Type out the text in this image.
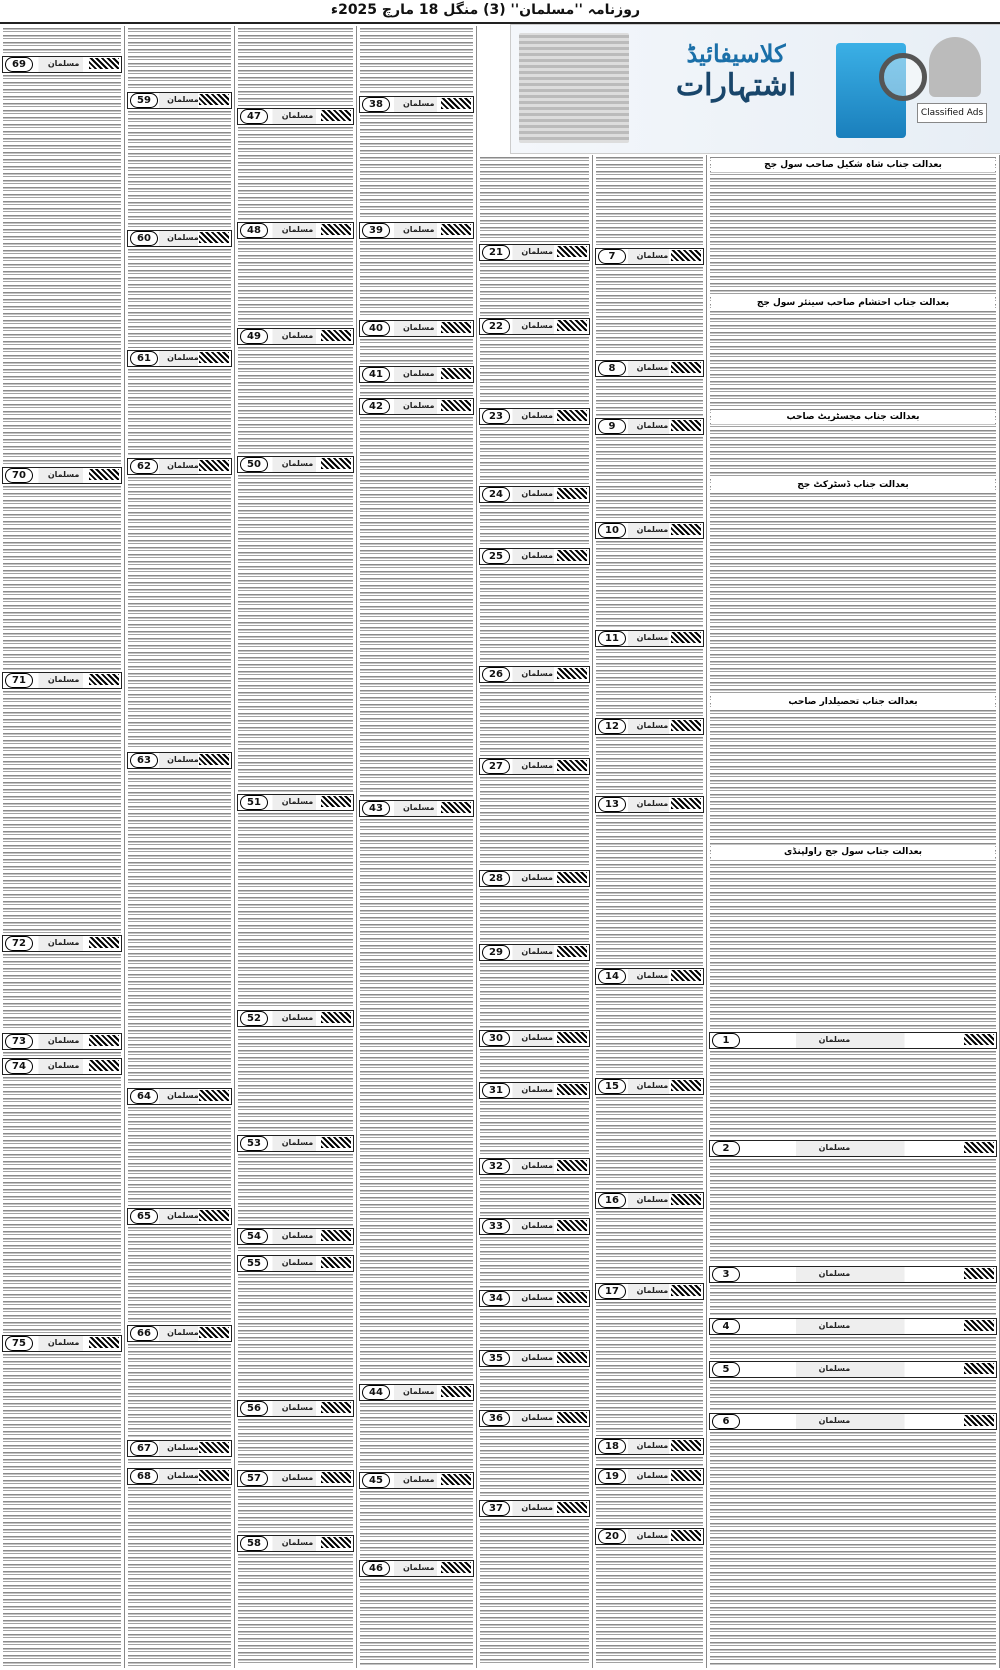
روزنامہ ''مسلمان'' (3) منگل 18 مارچ 2025ء
کلاسیفائیڈ
اشتہارات
Classified Ads
69	مسلمان
70	مسلمان
71	مسلمان
72	مسلمان
73	مسلمان
74	مسلمان
75	مسلمان
59	مسلمان
60	مسلمان
61	مسلمان
62	مسلمان
63	مسلمان
64	مسلمان
65	مسلمان
66	مسلمان
67	مسلمان
68	مسلمان
47	مسلمان
48	مسلمان
49	مسلمان
50	مسلمان
51	مسلمان
52	مسلمان
53	مسلمان
54	مسلمان
55	مسلمان
56	مسلمان
57	مسلمان
58	مسلمان
38	مسلمان
39	مسلمان
40	مسلمان
41	مسلمان
42	مسلمان
43	مسلمان
44	مسلمان
45	مسلمان
46	مسلمان
21	مسلمان
22	مسلمان
23	مسلمان
24	مسلمان
25	مسلمان
26	مسلمان
27	مسلمان
28	مسلمان
29	مسلمان
30	مسلمان
31	مسلمان
32	مسلمان
33	مسلمان
34	مسلمان
35	مسلمان
36	مسلمان
37	مسلمان
7	مسلمان
8	مسلمان
9	مسلمان
10	مسلمان
11	مسلمان
12	مسلمان
13	مسلمان
14	مسلمان
15	مسلمان
16	مسلمان
17	مسلمان
18	مسلمان
19	مسلمان
20	مسلمان
1	مسلمان
2	مسلمان
3	مسلمان
4	مسلمان
5	مسلمان
6	مسلمان
بعدالت جناب شاہ شکیل صاحب سول جج
بعدالت جناب احتشام صاحب سینئر سول جج
بعدالت جناب مجسٹریٹ صاحب
بعدالت جناب ڈسٹرکٹ جج
بعدالت جناب تحصیلدار صاحب
بعدالت جناب سول جج راولپنڈی
